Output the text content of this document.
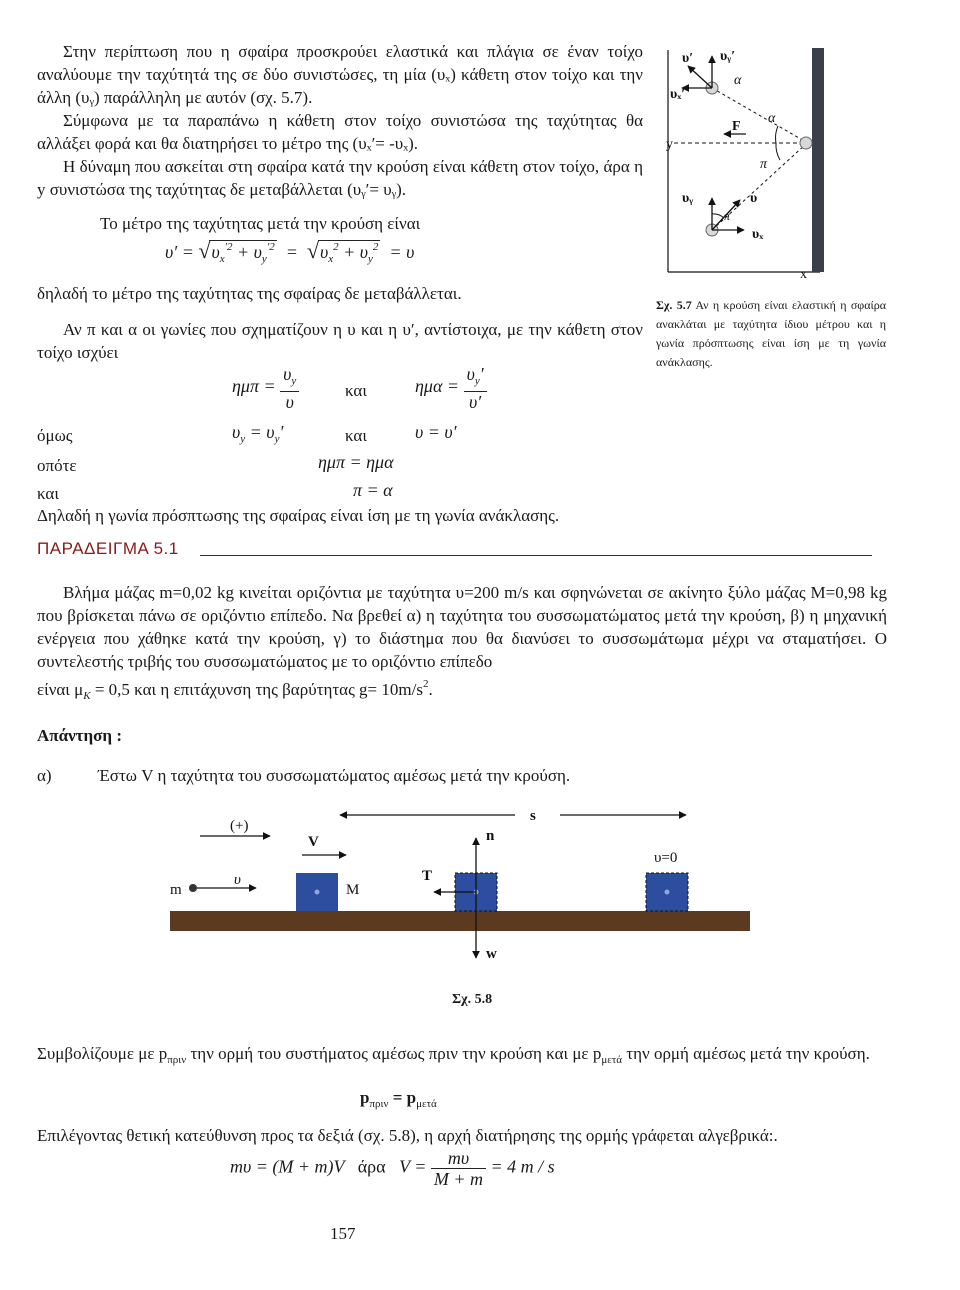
Στην περίπτωση που η σφαίρα προσκρούει ελαστικά και πλάγια σε έναν τοίχο αναλύουμε την ταχύτητά της σε δύο συνιστώσες, τη μία (υₓ) κάθετη στον τοίχο και την άλλη (υᵧ) παράλληλη με αυτόν (σχ. 5.7).

Σύμφωνα με τα παραπάνω η κάθετη στον τοίχο συνιστώσα της ταχύτητας θα αλλάξει φορά και θα διατηρήσει το μέτρο της (υₓ′= -υₓ).

Η δύναμη που ασκείται στη σφαίρα κατά την κρούση είναι κάθετη στον τοίχο, άρα η y συνιστώσα της ταχύτητας δε μεταβάλλεται (υᵧ′= υᵧ).

Το μέτρο της ταχύτητας μετά την κρούση είναι

$\upsilon' = √\upsilon_x^{'2} + \upsilon_y^{'2} = √\upsilon_x^2 + \upsilon_y^2 = \upsilon$

δηλαδή το μέτρο της ταχύτητας της σφαίρας δε μεταβάλλεται.

Αν π και α οι γωνίες που σχηματίζουν η υ και η υ′, αντίστοιχα, με την κάθετη στον τοίχο ισχύει

$\eta\mu\pi = \frac{\upsilon_y}{\upsilon}$	και	$\eta\mu\alpha = \frac{\upsilon_y'}{\upsilon'}$
όμως	$\upsilon_y = \upsilon_y'$	και	υ = υ′
οπότε	ημπ = ημα
και	π = α

Δηλαδή η γωνία πρόσπτωσης της σφαίρας είναι ίση με τη γωνία ανάκλασης.

υ′ υᵧ′
υₓ′
α
α
F
y
π
π
υᵧ	υ
υₓ
x
Σχ. 5.7 Αν η κρούση είναι ελαστική η σφαίρα ανακλάται με ταχύτητα ίδιου μέτρου και η γωνία πρόσπτωσης είναι ίση με τη γωνία ανάκλασης.
ΠΑΡΑΔΕΙΓΜΑ 5.1

Βλήμα μάζας m=0,02 kg κινείται οριζόντια με ταχύτητα υ=200 m/s και σφηνώνεται σε ακίνητο ξύλο μάζας M=0,98 kg που βρίσκεται πάνω σε οριζόντιο επίπεδο. Να βρεθεί α) η ταχύτητα του συσσωματώματος μετά την κρούση, β) η μηχανική ενέργεια που χάθηκε κατά την κρούση, γ) το διάστημα που θα διανύσει το συσσωμάτωμα μέχρι να σταματήσει. Ο συντελεστής τριβής του συσσωματώματος με το οριζόντιο επίπεδο

είναι $\mu_K = 0,5$ και η επιτάχυνση της βαρύτητας $g= 10m/s^2$.

Απάντηση :
α)	Έστω V η ταχύτητα του συσσωματώματος αμέσως μετά την κρούση.
(+)
V
m
υ
M
Ƭ
n
w
s
υ=0
Σχ. 5.8

Συμβολίζουμε με $p_{\pi\rho\iota\nu}$ την ορμή του συστήματος αμέσως πριν την κρούση και με $p_{\mu\varepsilon\tau ά}$ την ορμή αμέσως μετά την κρούση.

$p_{\pi\rho\iota\nu} = p_{\mu\varepsilon\tau ά}$

Επιλέγοντας θετική κατεύθυνση προς τα δεξιά (σχ. 5.8), η αρχή διατήρησης της ορμής γράφεται αλγεβρικά:.

mυ = (M + m)V άρα $V = \frac{m\upsilon}{M + m} = 4$ m / s
157
